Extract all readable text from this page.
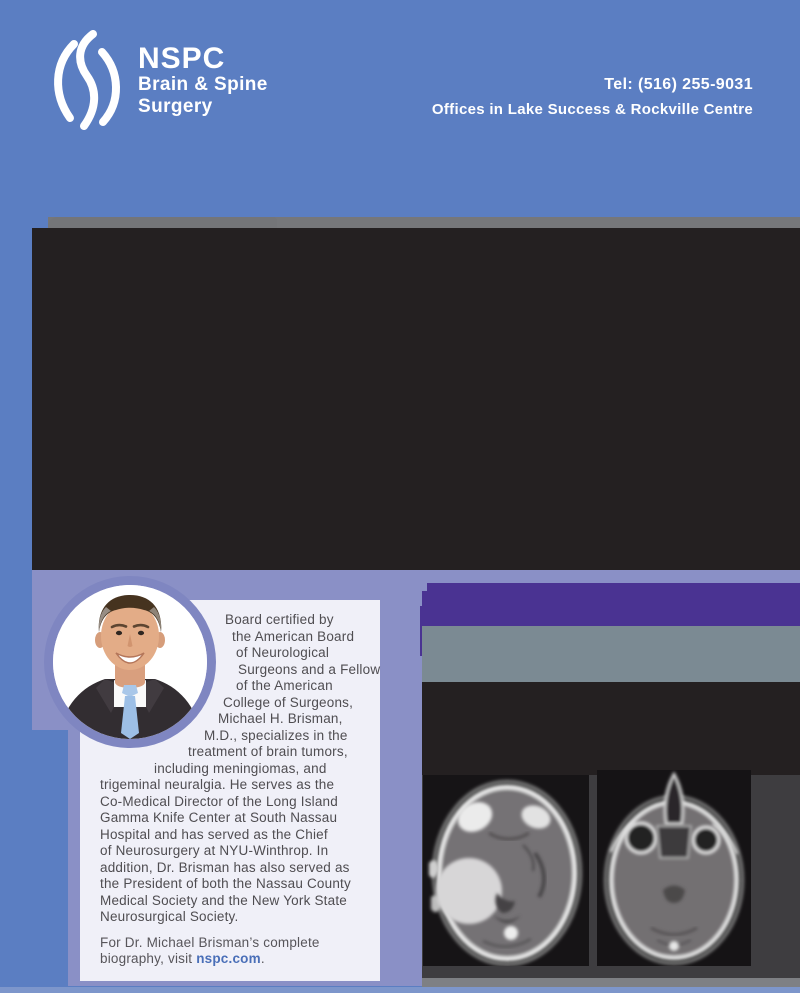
NSPC
Brain & Spine
Surgery
Tel: (516) 255-9031
Offices in Lake Success & Rockville Centre
Board certified by
the American Board
of Neurological
Surgeons and a Fellow
of the American
College of Surgeons,
Michael H. Brisman,
M.D., specializes in the
treatment of brain tumors,
including meningiomas, and
trigeminal neuralgia. He serves as the
Co-Medical Director of the Long Island
Gamma Knife Center at South Nassau
Hospital and has served as the Chief
of Neurosurgery at NYU-Winthrop. In
addition, Dr. Brisman has also served as
the President of both the Nassau County
Medical Society and the New York State
Neurosurgical Society.
For Dr. Michael Brisman’s complete
biography, visit nspc.com.
